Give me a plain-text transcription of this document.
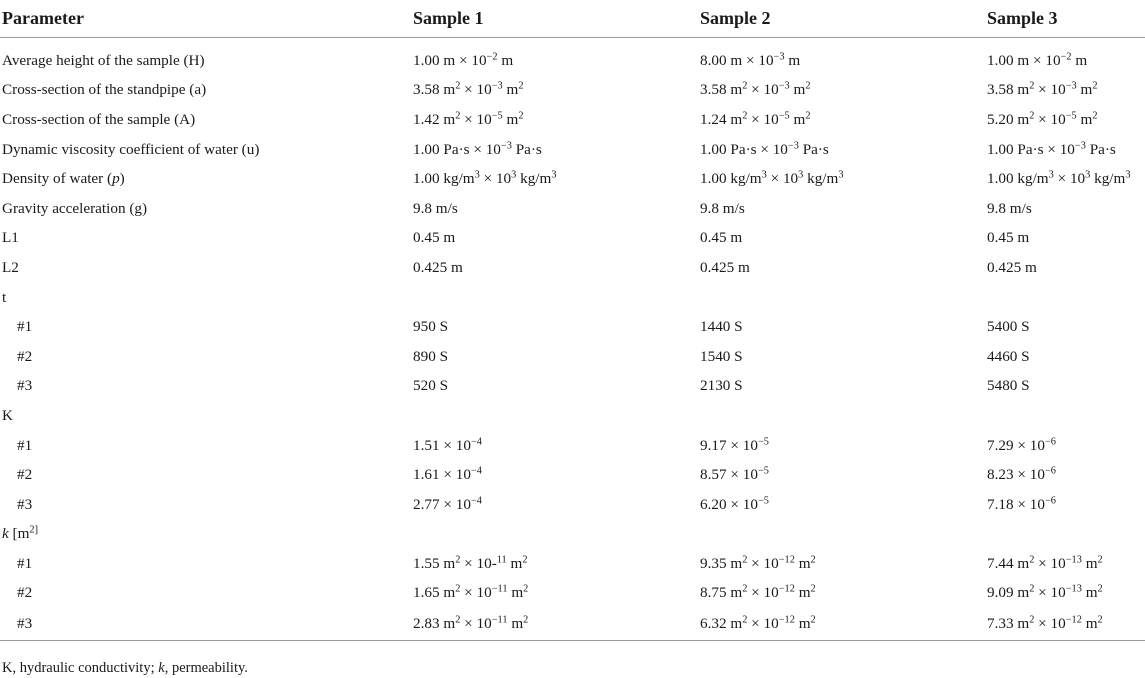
Parameter	Sample 1	Sample 2	Sample 3
Average height of the sample (H)	1.00 $m \times 10^{-2}$ m	8.00 $m \times 10^{-3}$ m	1.00 $m \times 10^{-2}$ m
Cross-section of the standpipe (a)	3.58 $m^2 \times 10^{-3}$ $m^2$	3.58 $m^2 \times 10^{-3}$ $m^2$	3.58 $m^2 \times 10^{-3}$ $m^2$
Cross-section of the sample (A)	1.42 $m^2 \times 10^{-5}$ $m^2$	1.24 $m^2 \times 10^{-5}$ $m^2$	5.20 $m^2 \times 10^{-5}$ $m^2$
Dynamic viscosity coefficient of water (u)	1.00 $Pa\cdot s \times 10^{-3}$ Pa·s	1.00 $Pa\cdot s \times 10^{-3}$ Pa·s	1.00 $Pa\cdot s \times 10^{-3}$ Pa·s
Density of water (p)	1.00 $kg/m^3 \times 10^3$ $kg/m^3$	1.00 $kg/m^3 \times 10^3$ $kg/m^3$	1.00 $kg/m^3 \times 10^3$ $kg/m^3$
Gravity acceleration (g)	9.8 m/s	9.8 m/s	9.8 m/s
L1	0.45 m	0.45 m	0.45 m
L2	0.425 m	0.425 m	0.425 m
t			
#1	950 S	1440 S	5400 S
#2	890 S	1540 S	4460 S
#3	520 S	2130 S	5480 S
K			
#1	$1.51 \times 10^{-4}$	$9.17 \times 10^{-5}$	$7.29 \times 10^{-6}$
#2	$1.61 \times 10^{-4}$	$8.57 \times 10^{-5}$	$8.23 \times 10^{-6}$
#3	$2.77 \times 10^{-4}$	$6.20 \times 10^{-5}$	$7.18 \times 10^{-6}$
k [$m^{2]}$			
#1	1.55 $m^2 \times 10-^{11}$ $m^2$	9.35 $m^2 \times 10^{-12}$ $m^2$	7.44 $m^2 \times 10^{-13}$ $m^2$
#2	1.65 $m^2 \times 10^{-11}$ $m^2$	8.75 $m^2 \times 10^{-12}$ $m^2$	9.09 $m^2 \times 10^{-13}$ $m^2$
#3	2.83 $m^2 \times 10^{-11}$ $m^2$	6.32 $m^2 \times 10^{-12}$ $m^2$	7.33 $m^2 \times 10^{-12}$ $m^2$
K, hydraulic conductivity; k, permeability.
